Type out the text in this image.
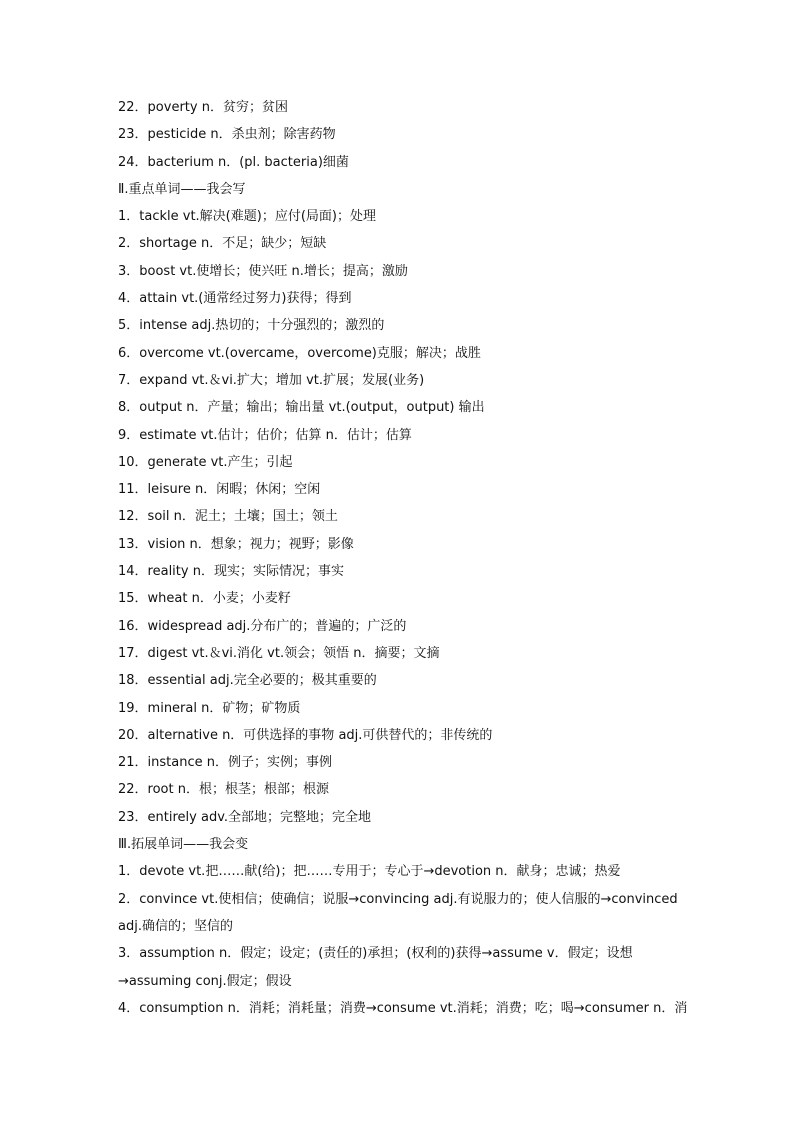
22．poverty n．贫穷；贫困
23．pesticide n．杀虫剂；除害药物
24．bacterium n．(pl. bacteria)细菌
Ⅱ.重点单词——我会写
1．tackle vt.解决(难题)；应付(局面)；处理
2．shortage n．不足；缺少；短缺
3．boost vt.使增长；使兴旺 n.增长；提高；激励
4．attain vt.(通常经过努力)获得；得到
5．intense adj.热切的；十分强烈的；激烈的
6．overcome vt.(overcame，overcome)克服；解决；战胜
7．expand vt.＆vi.扩大；增加 vt.扩展；发展(业务)
8．output n．产量；输出；输出量 vt.(output，output) 输出
9．estimate vt.估计；估价；估算 n．估计；估算
10．generate vt.产生；引起
11．leisure n．闲暇；休闲；空闲
12．soil n．泥土；土壤；国土；领土
13．vision n．想象；视力；视野；影像
14．reality n．现实；实际情况；事实
15．wheat n．小麦；小麦籽
16．widespread adj.分布广的；普遍的；广泛的
17．digest vt.＆vi.消化 vt.领会；领悟 n．摘要；文摘
18．essential adj.完全必要的；极其重要的
19．mineral n．矿物；矿物质
20．alternative n．可供选择的事物 adj.可供替代的；非传统的
21．instance n．例子；实例；事例
22．root n．根；根茎；根部；根源
23．entirely adv.全部地；完整地；完全地
Ⅲ.拓展单词——我会变
1．devote vt.把……献(给)；把……专用于；专心于→devotion n．献身；忠诚；热爱
2．convince vt.使相信；使确信；说服→convincing adj.有说服力的；使人信服的→convinced adj.确信的；坚信的
3．assumption n．假定；设定；(责任的)承担；(权利的)获得→assume v．假定；设想→assuming conj.假定；假设
4．consumption n．消耗；消耗量；消费→consume vt.消耗；消费；吃；喝→consumer n．消
